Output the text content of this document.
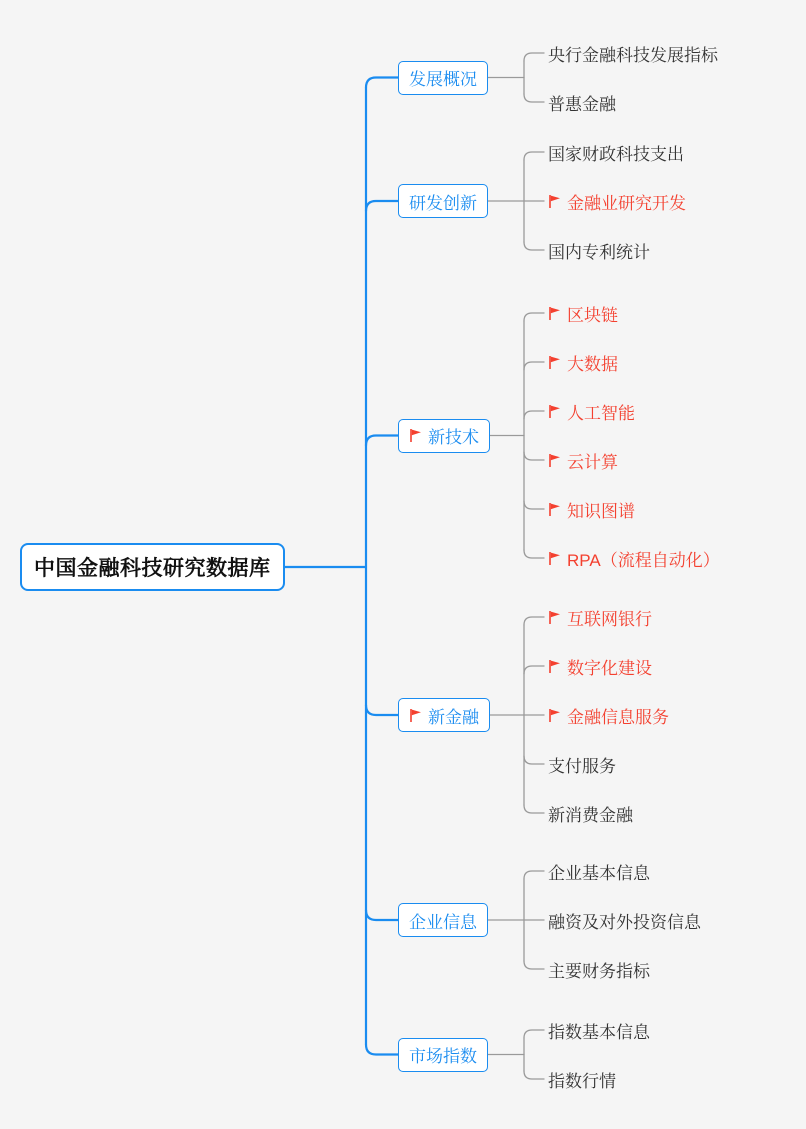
发展概况
央行金融科技发展指标
普惠金融
研发创新
国家财政科技支出
金融业研究开发
国内专利统计
新技术
区块链
大数据
人工智能
云计算
知识图谱
RPA（流程自动化）
新金融
互联网银行
数字化建设
金融信息服务
支付服务
新消费金融
企业信息
企业基本信息
融资及对外投资信息
主要财务指标
市场指数
指数基本信息
指数行情
中国金融科技研究数据库
